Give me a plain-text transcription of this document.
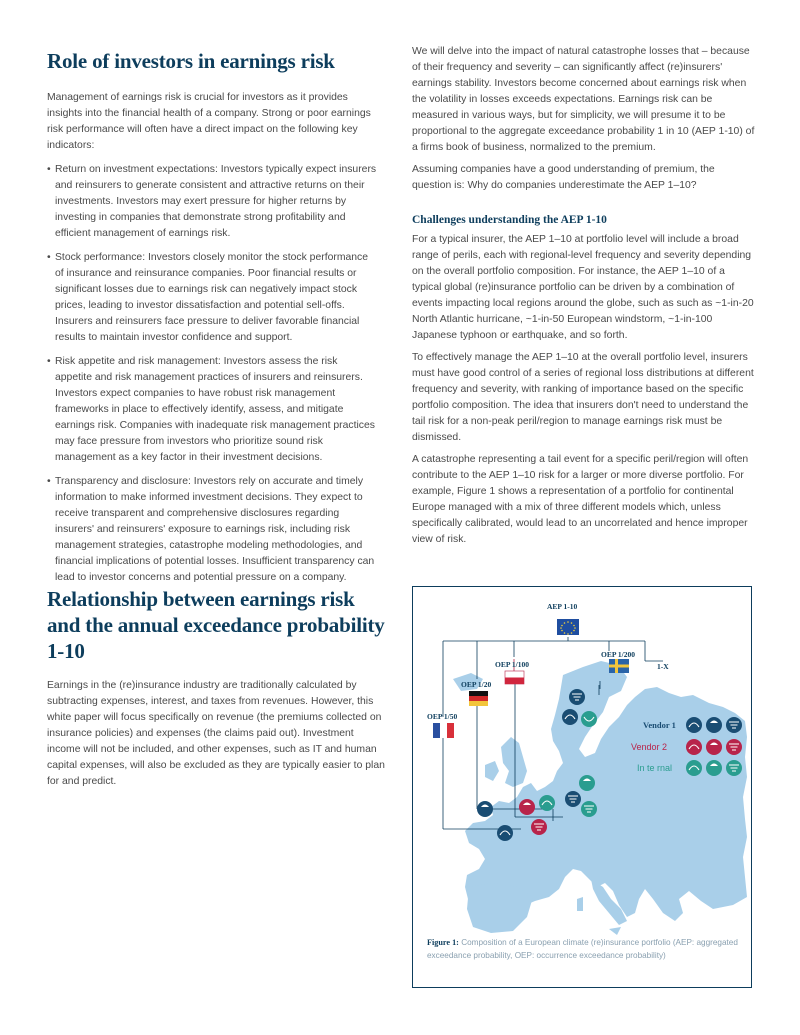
Role of investors in earnings risk

Management of earnings risk is crucial for investors as it provides insights into the financial health of a company. Strong or poor earnings risk performance will often have a direct impact on the following key indicators:

• Return on investment expectations: Investors typically expect insurers and reinsurers to generate consistent and attractive returns on their investments. Investors may exert pressure for higher returns by investing in companies that demonstrate strong profitability and efficient management of earnings risk.
• Stock performance: Investors closely monitor the stock performance of insurance and reinsurance companies. Poor financial results or significant losses due to earnings risk can negatively impact stock prices, leading to investor dissatisfaction and potential sell-offs. Insurers and reinsurers face pressure to deliver favorable financial results to maintain investor confidence and support.
• Risk appetite and risk management: Investors assess the risk appetite and risk management practices of insurers and reinsurers. Investors expect companies to have robust risk management frameworks in place to effectively identify, assess, and mitigate earnings risk. Companies with inadequate risk management practices may face pressure from investors who prioritize sound risk management as a key factor in their investment decisions.
• Transparency and disclosure: Investors rely on accurate and timely information to make informed investment decisions. They expect to receive transparent and comprehensive disclosures regarding insurers' and reinsurers' exposure to earnings risk, including risk management strategies, catastrophe modeling methodologies, and financial implications of potential losses. Insufficient transparency can lead to investor concerns and potential pressure on a company.

We will delve into the impact of natural catastrophe losses that – because of their frequency and severity – can significantly affect (re)insurers' earnings stability. Investors become concerned about earnings risk when the volatility in losses exceeds expectations. Earnings risk can be measured in various ways, but for simplicity, we will presume it to be proportional to the aggregate exceedance probability 1 in 10 (AEP 1-10) of a firms book of business, normalized to the premium.

Assuming companies have a good understanding of premium, the question is: Why do companies underestimate the AEP 1–10?

Challenges understanding the AEP 1-10

For a typical insurer, the AEP 1–10 at portfolio level will include a broad range of perils, each with regional-level frequency and severity depending on the overall portfolio composition. For instance, the AEP 1–10 of a typical global (re)insurance portfolio can be driven by a combination of events impacting local regions around the globe, such as such as ~1-in-20 North Atlantic hurricane, ~1-in-50 European windstorm, ~1-in-100 Japanese typhoon or earthquake, and so forth.

To effectively manage the AEP 1–10 at the overall portfolio level, insurers must have good control of a series of regional loss distributions at different frequency and severity, with ranking of importance based on the specific portfolio composition. The idea that insurers don't need to understand the tail risk for a non-peak peril/region to manage earnings risk must be dismissed.

A catastrophe representing a tail event for a specific peril/region will often contribute to the AEP 1–10 risk for a larger or more diverse portfolio. For example, Figure 1 shows a representation of a portfolio for continental Europe managed with a mix of three different models which, unless specifically calibrated, would lead to an uncorrelated and hence improper view of risk.

Relationship between earnings risk and the annual exceedance probability 1-10

Earnings in the (re)insurance industry are traditionally calculated by subtracting expenses, interest, and taxes from revenues. However, this white paper will focus specifically on revenue (the premiums collected on insurance policies) and expenses (the claims paid out). Investment income will not be included, and other expenses, such as IT and human capital expenses, will also be excluded as they are typically easier to plan for and predict.

AEP 1-10
OEP 1/200
OEP 1/100
OEP 1/20
OEP 1/50
1-X
Vendor 1
Vendor 2
In te rnal
Figure 1: Composition of a European climate (re)insurance portfolio (AEP: aggregated exceedance probability, OEP: occurrence exceedance probability)
